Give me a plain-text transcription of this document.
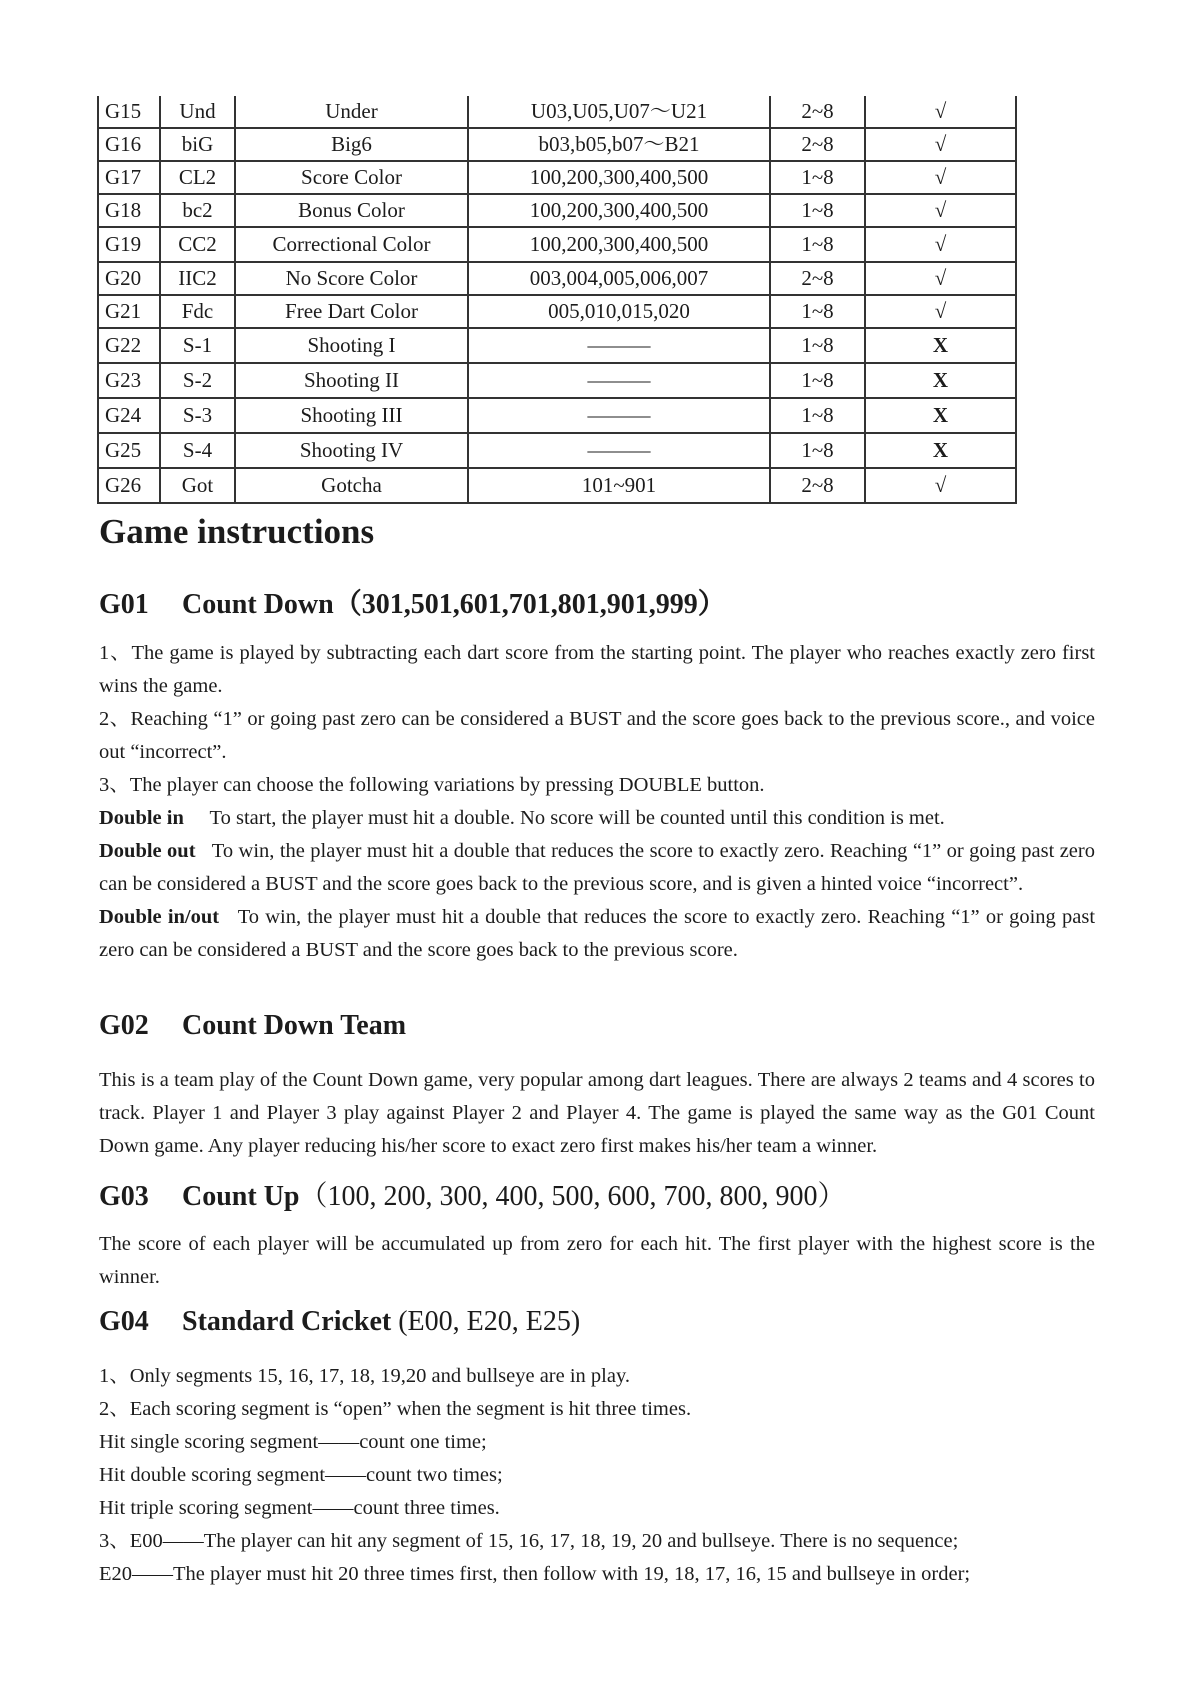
G15	Und	Under	U03,U05,U07～U21	2~8	√
G16	biG	Big6	b03,b05,b07～B21	2~8	√
G17	CL2	Score Color	100,200,300,400,500	1~8	√
G18	bc2	Bonus Color	100,200,300,400,500	1~8	√
G19	CC2	Correctional Color	100,200,300,400,500	1~8	√
G20	IIC2	No Score Color	003,004,005,006,007	2~8	√
G21	Fdc	Free Dart Color	005,010,015,020	1~8	√
G22	S-1	Shooting I	———	1~8	X
G23	S-2	Shooting II	———	1~8	X
G24	S-3	Shooting III	———	1~8	X
G25	S-4	Shooting IV	———	1~8	X
G26	Got	Gotcha	101~901	2~8	√
Game instructions
G01 Count Down（301,501,601,701,801,901,999）
1、The game is played by subtracting each dart score from the starting point. The player who reaches exactly zero first wins the game.
2、Reaching “1” or going past zero can be considered a BUST and the score goes back to the previous score., and voice out “incorrect”.
3、The player can choose the following variations by pressing DOUBLE button.
Double in To start, the player must hit a double. No score will be counted until this condition is met.
Double out To win, the player must hit a double that reduces the score to exactly zero. Reaching “1” or going past zero can be considered a BUST and the score goes back to the previous score, and is given a hinted voice “incorrect”.
Double in/out To win, the player must hit a double that reduces the score to exactly zero. Reaching “1” or going past zero can be considered a BUST and the score goes back to the previous score.
G02 Count Down Team

This is a team play of the Count Down game, very popular among dart leagues. There are always 2 teams and 4 scores to track. Player 1 and Player 3 play against Player 2 and Player 4. The game is played the same way as the G01 Count Down game. Any player reducing his/her score to exact zero first makes his/her team a winner.

G03 Count Up（100, 200, 300, 400, 500, 600, 700, 800, 900）

The score of each player will be accumulated up from zero for each hit. The first player with the highest score is the winner.

G04 Standard Cricket (E00, E20, E25)
1、Only segments 15, 16, 17, 18, 19,20 and bullseye are in play.
2、Each scoring segment is “open” when the segment is hit three times.
Hit single scoring segment——count one time;
Hit double scoring segment——count two times;
Hit triple scoring segment——count three times.
3、E00——The player can hit any segment of 15, 16, 17, 18, 19, 20 and bullseye. There is no sequence;
E20——The player must hit 20 three times first, then follow with 19, 18, 17, 16, 15 and bullseye in order;
